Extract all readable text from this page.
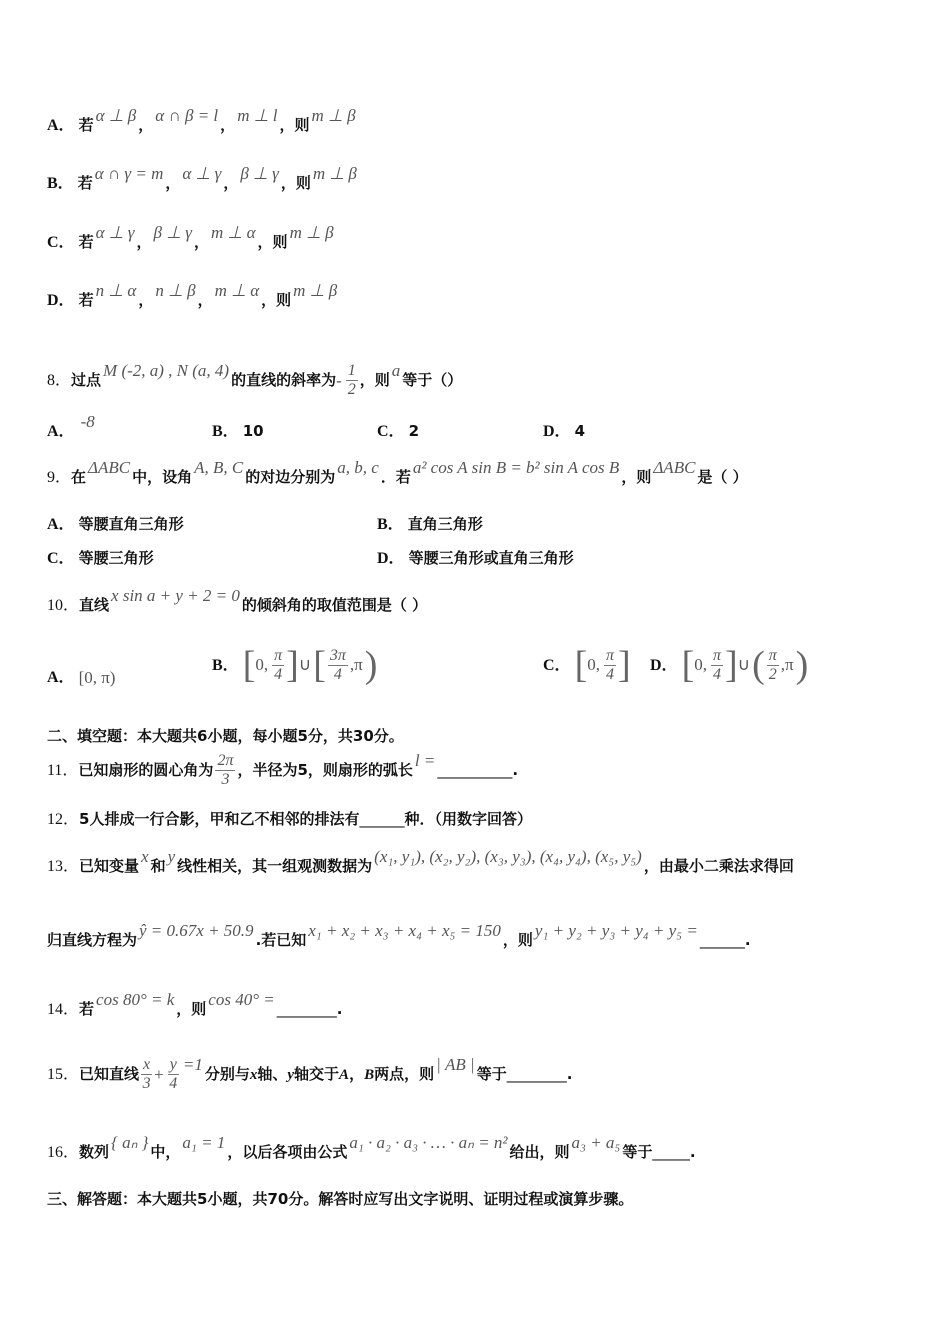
A． 若 α ⊥ β ， α ∩ β = l ， m ⊥ l ，则 m ⊥ β
B． 若 α ∩ γ = m ， α ⊥ γ ， β ⊥ γ ，则 m ⊥ β
C． 若 α ⊥ γ ， β ⊥ γ ， m ⊥ α ，则 m ⊥ β
D． 若 n ⊥ α ， n ⊥ β ， m ⊥ α ，则 m ⊥ β
8．过点 M (-2, a) , N (a, 4) 的直线的斜率为- $\frac{1}{2}$ ，则 a 等于（）
A．-8
B． 10	C． 2	D． 4
9．在 ΔABC 中，设角 A, B, C 的对边分别为 a, b, c ．若 a² cos A sin B = b² sin A cos B ，则 ΔABC 是（ ）
A． 等腰直角三角形	B． 直角三角形
C． 等腰三角形	D． 等腰三角形或直角三角形
10．直线 x sin a + y + 2 = 0 的倾斜角的取值范围是（ ）
A． [0, π)
B． [0, $\frac{\pi}{4}$ ]∪[ $\frac{3\pi}{4} ,\pi$)	C． [0, $\frac{\pi}{4}$ ] D． [0, $\frac{\pi}{4}$ ]∪( $\frac{\pi}{2} ,\pi$)
二、填空题：本大题共6小题，每小题5分，共30分。
11．已知扇形的圆心角为 $\frac{2\pi}{3}$ ，半径为5，则扇形的弧长 l = __________.
12．5人排成一行合影，甲和乙不相邻的排法有______种．（用数字回答）
13．已知变量 x 和 y 线性相关，其一组观测数据为 (x₁, y₁), (x₂, y₂), (x₃, y₃), (x₄, y₄), (x₅, y₅) ，由最小二乘法求得回
归直线方程为 ŷ = 0.67x + 50.9 .若已知 x₁ + x₂ + x₃ + x₄ + x₅ = 150 ，则 y₁ + y₂ + y₃ + y₄ + y₅ = ______.
14．若 cos 80° = k ，则 cos 40° = ________.
15．已知直线 $\frac{x}{3} + \frac{y}{4} =1$ 分别与x轴、y轴交于A，B两点，则 | AB | 等于________.
16．数列 { aₙ } 中， a₁ = 1 ，以后各项由公式 a₁ · a₂ · a₃ · … · aₙ = n² 给出，则 a₃ + a₅ 等于_____.
三、解答题：本大题共5小题，共70分。解答时应写出文字说明、证明过程或演算步骤。
